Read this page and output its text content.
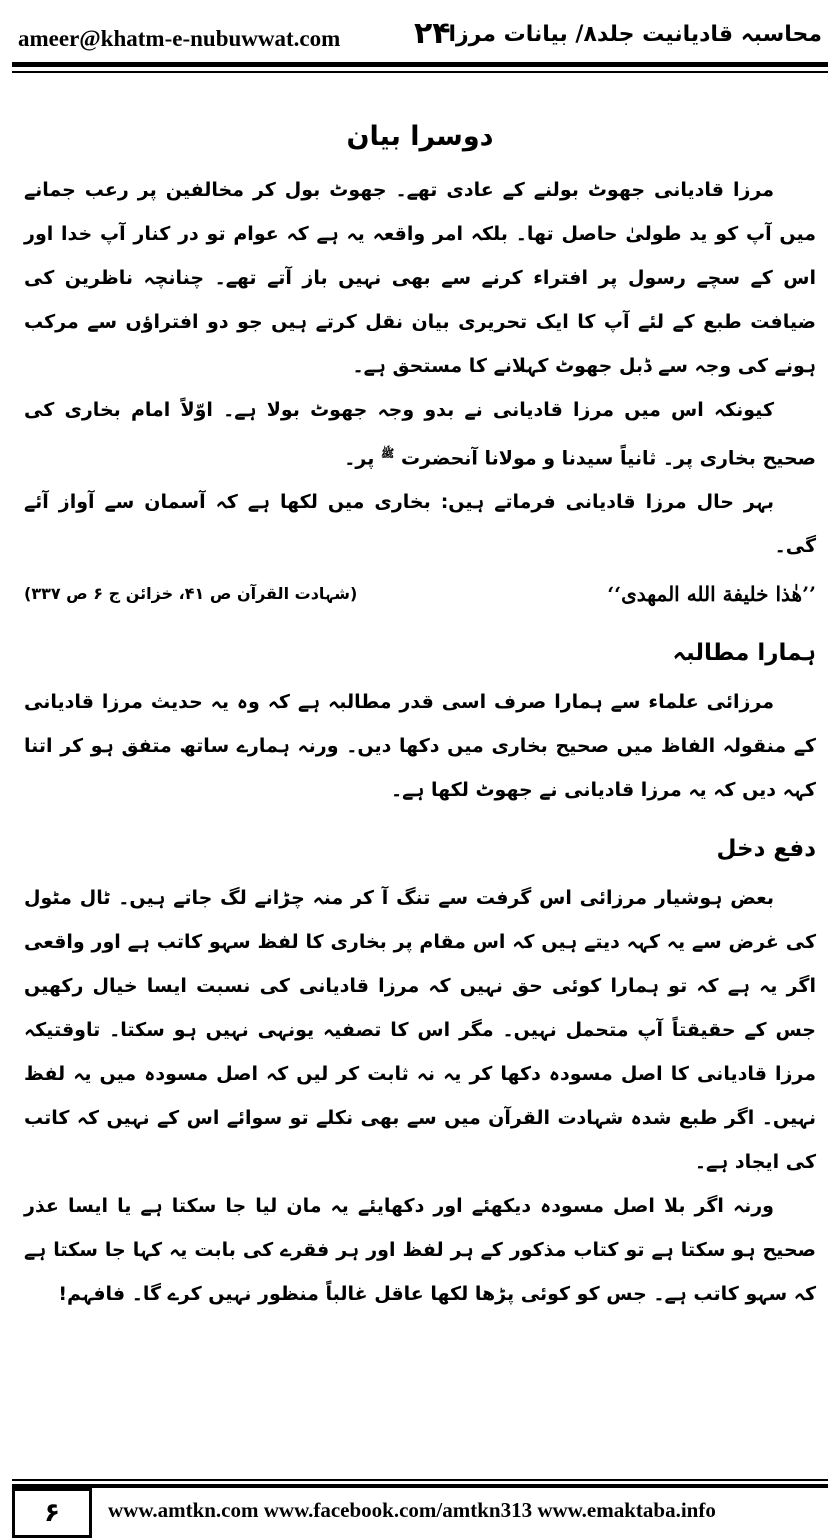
ameer@khatm-e-nubuwwat.com ۲۴
محاسبہ قادیانیت جلد۸/ بیانات مرزا
دوسرا بیان

مرزا قادیانی جھوٹ بولنے کے عادی تھے۔ جھوٹ بول کر مخالفین پر رعب جمانے میں آپ کو ید طولیٰ حاصل تھا۔ بلکہ امر واقعہ یہ ہے کہ عوام تو در کنار آپ خدا اور اس کے سچے رسول پر افتراء کرنے سے بھی نہیں باز آتے تھے۔ چنانچہ ناظرین کی ضیافت طبع کے لئے آپ کا ایک تحریری بیان نقل کرتے ہیں جو دو افتراؤں سے مرکب ہونے کی وجہ سے ڈبل جھوٹ کہلانے کا مستحق ہے۔

کیونکہ اس میں مرزا قادیانی نے بدو وجہ جھوٹ بولا ہے۔ اوّلاً امام بخاری کی صحیح بخاری پر۔ ثانیاً سیدنا و مولانا آنحضرت $^ﷺ$ پر۔

بہر حال مرزا قادیانی فرماتے ہیں: بخاری میں لکھا ہے کہ آسمان سے آواز آئے گی۔

’’هٰذا خلیفة الله المهدی‘‘
(شہادت القرآن ص ۴۱، خزائن ج ۶ ص ۳۳۷)
ہمارا مطالبہ

مرزائی علماء سے ہمارا صرف اسی قدر مطالبہ ہے کہ وہ یہ حدیث مرزا قادیانی کے منقولہ الفاظ میں صحیح بخاری میں دکھا دیں۔ ورنہ ہمارے ساتھ متفق ہو کر اتنا کہہ دیں کہ یہ مرزا قادیانی نے جھوٹ لکھا ہے۔

دفع دخل

بعض ہوشیار مرزائی اس گرفت سے تنگ آ کر منہ چڑانے لگ جاتے ہیں۔ ٹال مٹول کی غرض سے یہ کہہ دیتے ہیں کہ اس مقام پر بخاری کا لفظ سہو کاتب ہے اور واقعی اگر یہ ہے کہ تو ہمارا کوئی حق نہیں کہ مرزا قادیانی کی نسبت ایسا خیال رکھیں جس کے حقیقتاً آپ متحمل نہیں۔ مگر اس کا تصفیہ یونہی نہیں ہو سکتا۔ تاوقتیکہ مرزا قادیانی کا اصل مسودہ دکھا کر یہ نہ ثابت کر لیں کہ اصل مسودہ میں یہ لفظ نہیں۔ اگر طبع شدہ شہادت القرآن میں سے بھی نکلے تو سوائے اس کے نہیں کہ کاتب کی ایجاد ہے۔

ورنہ اگر بلا اصل مسودہ دیکھئے اور دکھایئے یہ مان لیا جا سکتا ہے یا ایسا عذر صحیح ہو سکتا ہے تو کتاب مذکور کے ہر لفظ اور ہر فقرے کی بابت یہ کہا جا سکتا ہے کہ سہو کاتب ہے۔ جس کو کوئی پڑھا لکھا عاقل غالباً منظور نہیں کرے گا۔ فافہم!

۶ www.amtkn.com www.facebook.com/amtkn313 www.emaktaba.info
